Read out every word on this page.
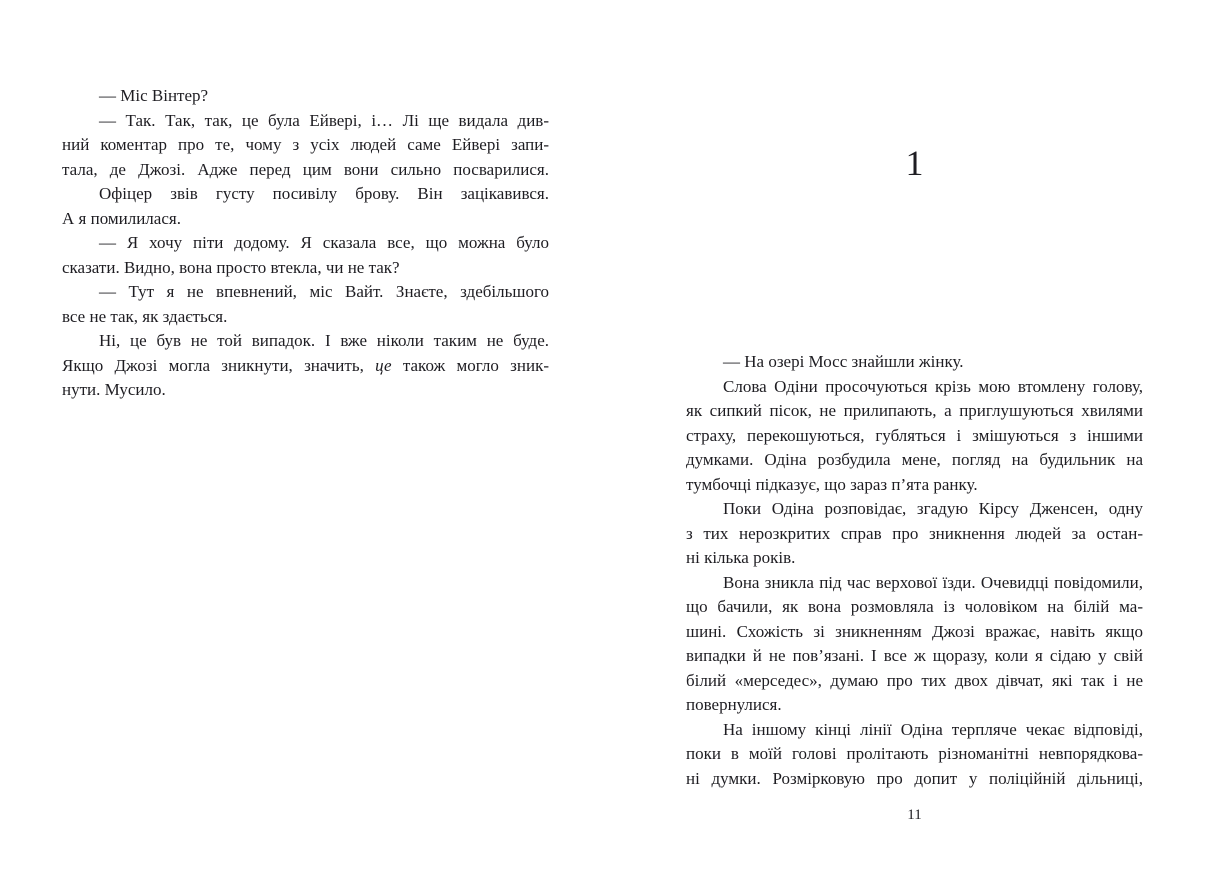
— Міс Вінтер?
— Так. Так, так, це була Ейвері, і… Лі ще видала див-
ний коментар про те, чому з усіх людей саме Ейвері запи-
тала, де Джозі. Адже перед цим вони сильно посварилися.
Офіцер звів густу посивілу брову. Він зацікавився.
А я помилилася.
— Я хочу піти додому. Я сказала все, що можна було
сказати. Видно, вона просто втекла, чи не так?
— Тут я не впевнений, міс Вайт. Знаєте, здебільшого
все не так, як здається.
Ні, це був не той випадок. І вже ніколи таким не буде.
Якщо Джозі могла зникнути, значить, це також могло зник-
нути. Мусило.
1
— На озері Мосс знайшли жінку.
Слова Одіни просочуються крізь мою втомлену голову,
як сипкий пісок, не прилипають, а приглушуються хвилями
страху, перекошуються, губляться і змішуються з іншими
думками. Одіна розбудила мене, погляд на будильник на
тумбочці підказує, що зараз п’ята ранку.
Поки Одіна розповідає, згадую Кірсу Дженсен, одну
з тих нерозкритих справ про зникнення людей за остан-
ні кілька років.
Вона зникла під час верхової їзди. Очевидці повідомили,
що бачили, як вона розмовляла із чоловіком на білій ма-
шині. Схожість зі зникненням Джозі вражає, навіть якщо
випадки й не пов’язані. І все ж щоразу, коли я сідаю у свій
білий «мерседес», думаю про тих двох дівчат, які так і не
повернулися.
На іншому кінці лінії Одіна терпляче чекає відповіді,
поки в моїй голові пролітають різноманітні невпорядкова-
ні думки. Розмірковую про допит у поліційній дільниці,
11
